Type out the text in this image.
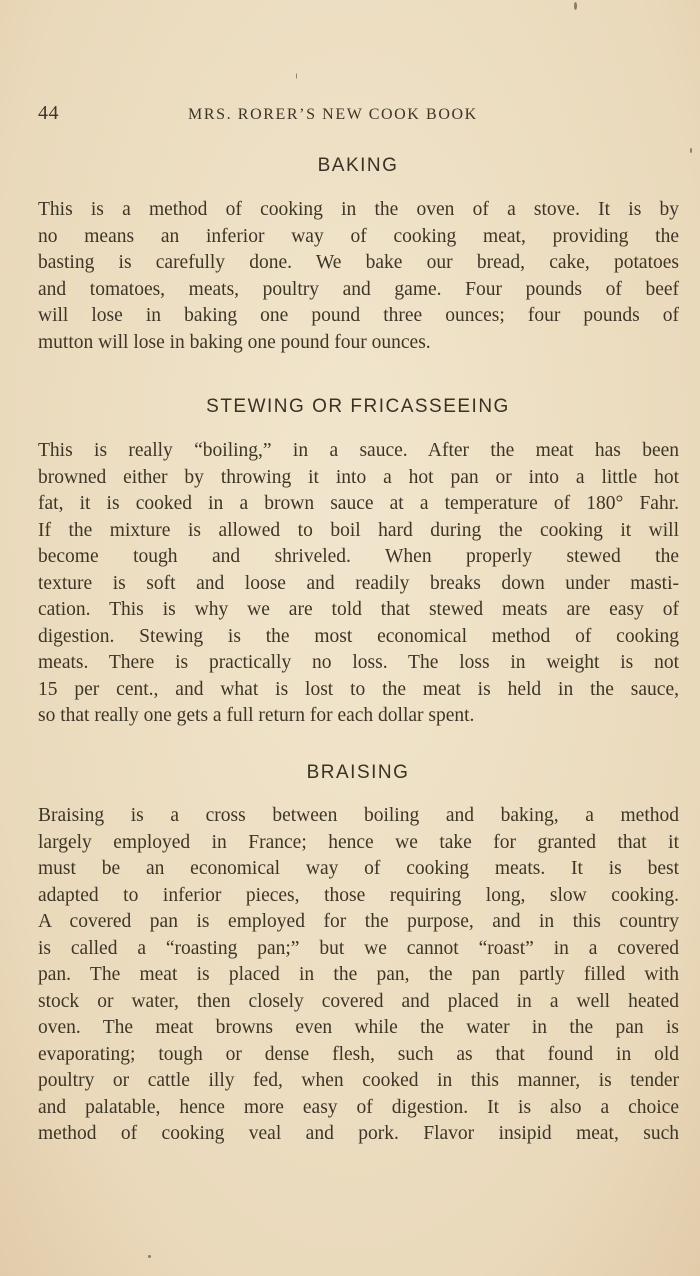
44	MRS. RORER’S NEW COOK BOOK
BAKING

This is a method of cooking in the oven of a stove. It is by
no means an inferior way of cooking meat, providing the
basting is carefully done. We bake our bread, cake, potatoes
and tomatoes, meats, poultry and game. Four pounds of beef
will lose in baking one pound three ounces; four pounds of
mutton will lose in baking one pound four ounces.

STEWING OR FRICASSEEING

This is really “boiling,” in a sauce. After the meat has been
browned either by throwing it into a hot pan or into a little hot
fat, it is cooked in a brown sauce at a temperature of 180° Fahr.
If the mixture is allowed to boil hard during the cooking it will
become tough and shriveled. When properly stewed the
texture is soft and loose and readily breaks down under masti-
cation. This is why we are told that stewed meats are easy of
digestion. Stewing is the most economical method of cooking
meats. There is practically no loss. The loss in weight is not
15 per cent., and what is lost to the meat is held in the sauce,
so that really one gets a full return for each dollar spent.

BRAISING

Braising is a cross between boiling and baking, a method
largely employed in France; hence we take for granted that it
must be an economical way of cooking meats. It is best
adapted to inferior pieces, those requiring long, slow cooking.
A covered pan is employed for the purpose, and in this country
is called a “roasting pan;” but we cannot “roast” in a covered
pan. The meat is placed in the pan, the pan partly filled with
stock or water, then closely covered and placed in a well heated
oven. The meat browns even while the water in the pan is
evaporating; tough or dense flesh, such as that found in old
poultry or cattle illy fed, when cooked in this manner, is tender
and palatable, hence more easy of digestion. It is also a choice
method of cooking veal and pork. Flavor insipid meat, such
